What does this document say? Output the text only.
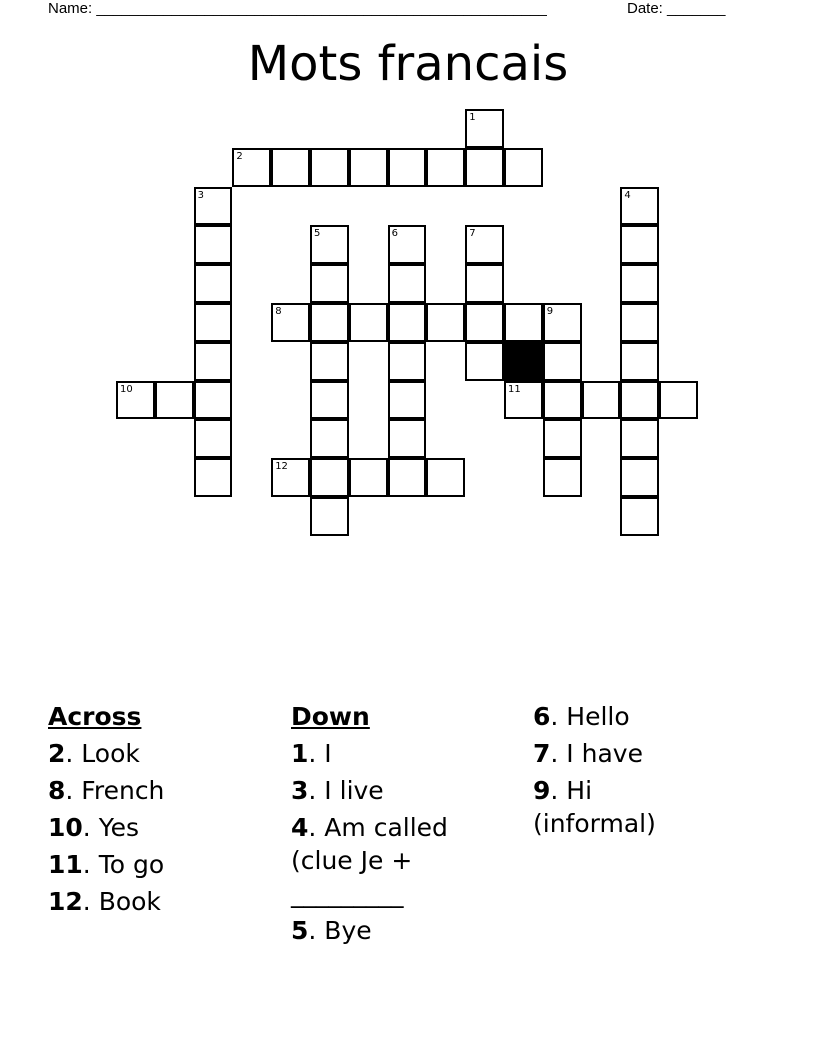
Name: ______________________________________________________	Date: _______
Mots francais
1
2
3	4
5	6	7
8	9
10	11
12
Across
2. Look
8. French
10. Yes
11. To go
12. Book
Down
1. I
3. I live
4. Am called (clue Je + _________
5. Bye
6. Hello
7. I have
9. Hi (informal)
